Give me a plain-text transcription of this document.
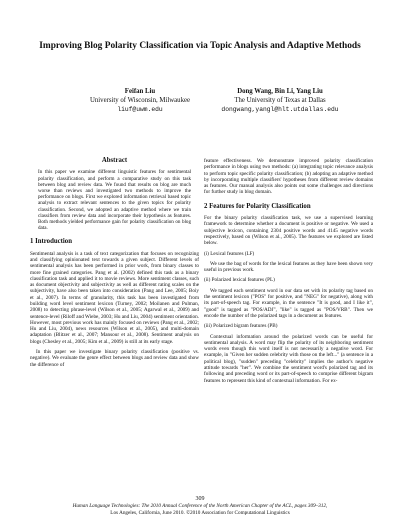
Improving Blog Polarity Classification via Topic Analysis and Adaptive Methods
Feifan Liu
University of Wisconsin, Milwaukee
liuf@uwm.edu
Dong Wang, Bin Li, Yang Liu
The University of Texas at Dallas
dongwang,yangl@hlt.utdallas.edu
Abstract
In this paper we examine different linguistic features for sentimental polarity classification, and perform a comparative study on this task between blog and review data. We found that results on blog are much worse than reviews and investigated two methods to improve the performance on blogs. First we explored information retrieval based topic analysis to extract relevant sentences to the given topics for polarity classification. Second, we adopted an adaptive method where we train classifiers from review data and incorporate their hypothesis as features. Both methods yielded performance gain for polarity classification on blog data.
1 Introduction
Sentimental analysis is a task of text categorization that focuses on recognizing and classifying opinionated text towards a given subject. Different levels of sentimental analysis has been performed in prior work, from binary classes to more fine grained categories. Pang et al. (2002) defined this task as a binary classification task and applied it to movie reviews. More sentiment classes, such as document objectivity and subjectivity as well as different rating scales on the subjectivity, have also been taken into consideration (Pang and Lee, 2005; Boiy et al., 2007). In terms of granularity, this task has been investigated from building word level sentiment lexicon (Turney, 2002; Moilanen and Pulman, 2008) to detecting phrase-level (Wilson et al., 2005; Agarwal et al., 2009) and sentence-level (Riloff and Wiebe, 2003; Hu and Liu, 2004) sentiment orientation. However, most previous work has mainly focused on reviews (Pang et al., 2002; Hu and Liu, 2004), news resources (Wilson et al., 2005), and multi-domain adaptation (Blitzer et al., 2007; Mansour et al., 2008). Sentiment analysis on blogs (Chesley et al., 2005; Kim et al., 2009) is still at its early stage.
In this paper we investigate binary polarity classification (positive vs. negative). We evaluate the genre effect between blogs and review data and show the difference of
feature effectiveness. We demonstrate improved polarity classification performance in blogs using two methods: (a) integrating topic relevance analysis to perform topic specific polarity classification; (b) adopting an adaptive method by incorporating multiple classifiers' hypotheses from different review domains as features. Our manual analysis also points out some challenges and directions for further study in blog domain.
2 Features for Polarity Classification
For the binary polarity classification task, we use a supervised learning framework to determine whether a document is positive or negative. We used a subjective lexicon, containing 2304 positive words and 4145 negative words respectively, based on (Wilson et al., 2005). The features we explored are listed below.
(i) Lexical features (LF)
We use the bag of words for the lexical features as they have been shown very useful in previous work.
(ii) Polarized lexical features (PL)
We tagged each sentiment word in our data set with its polarity tag based on the sentiment lexicon ("POS" for positive, and "NEG" for negative), along with its part-of-speech tag. For example, in the sentence "It is good, and I like it", "good" is tagged as "POS/ADJ", "like" is tagged as "POS/VRB". Then we encode the number of the polarized tags in a document as features.
(iii) Polarized bigram features (PB)
Contextual information around the polarized words can be useful for sentimental analysis. A word may flip the polarity of its neighboring sentiment words even though this word itself is not necessarily a negative word. For example, in "Given her sudden celebrity with those on the left..." (a sentence in a political blog), "sudden" preceding "celebrity" implies the author's negative attitude towards "her". We combine the sentiment word's polarized tag and its following and preceding word or its part-of-speech to comprise different bigram features to represent this kind of contextual information. For ex-
309
Human Language Technologies: The 2010 Annual Conference of the North American Chapter of the ACL, pages 309–312,
Los Angeles, California, June 2010. ©2010 Association for Computational Linguistics
